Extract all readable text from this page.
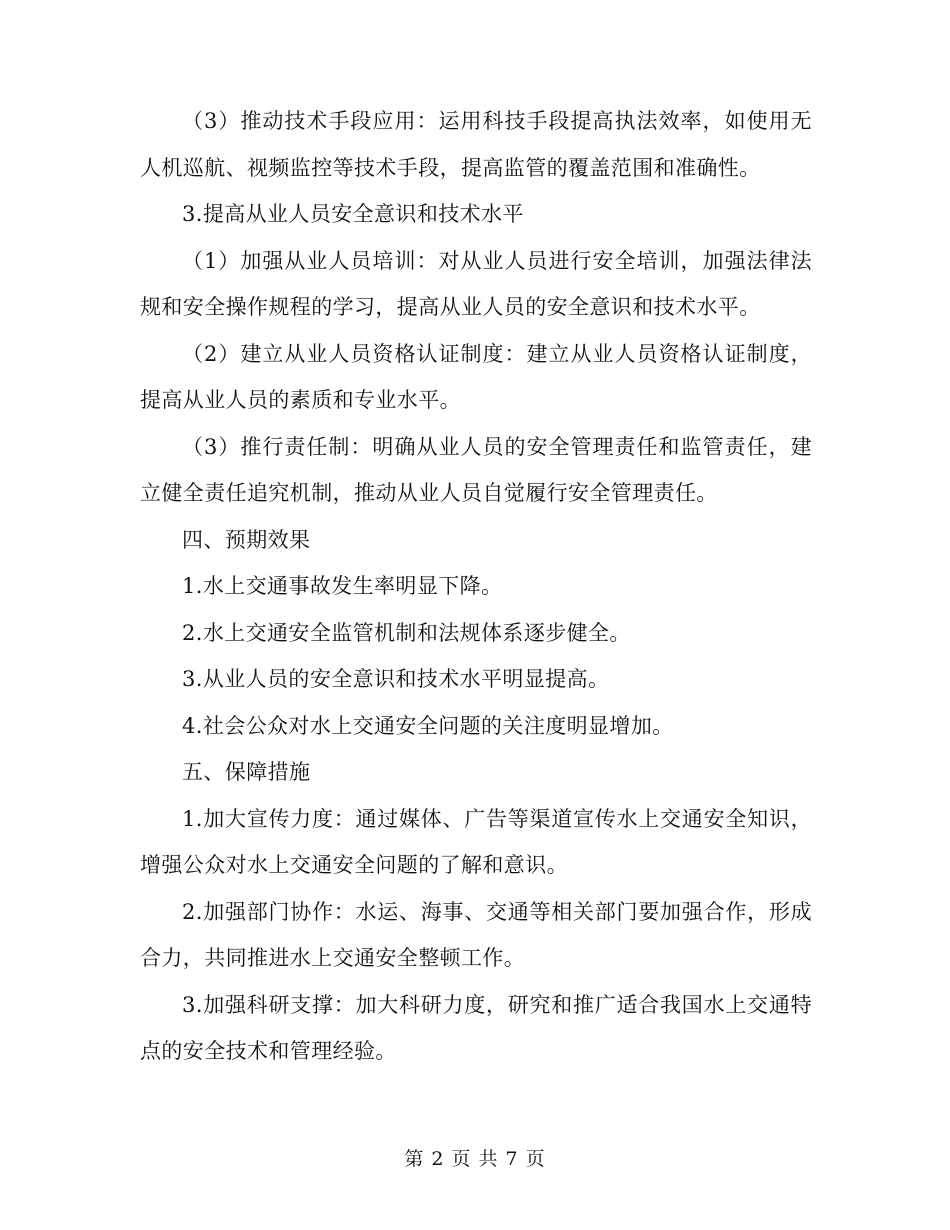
（3）推动技术手段应用：运用科技手段提高执法效率，如使用无人机巡航、视频监控等技术手段，提高监管的覆盖范围和准确性。

3.提高从业人员安全意识和技术水平

（1）加强从业人员培训：对从业人员进行安全培训，加强法律法规和安全操作规程的学习，提高从业人员的安全意识和技术水平。

（2）建立从业人员资格认证制度：建立从业人员资格认证制度，提高从业人员的素质和专业水平。

（3）推行责任制：明确从业人员的安全管理责任和监管责任，建立健全责任追究机制，推动从业人员自觉履行安全管理责任。

四、预期效果

1.水上交通事故发生率明显下降。

2.水上交通安全监管机制和法规体系逐步健全。

3.从业人员的安全意识和技术水平明显提高。

4.社会公众对水上交通安全问题的关注度明显增加。

五、保障措施

1.加大宣传力度：通过媒体、广告等渠道宣传水上交通安全知识，增强公众对水上交通安全问题的了解和意识。

2.加强部门协作：水运、海事、交通等相关部门要加强合作，形成合力，共同推进水上交通安全整顿工作。

3.加强科研支撑：加大科研力度，研究和推广适合我国水上交通特点的安全技术和管理经验。

第 2 页 共 7 页
